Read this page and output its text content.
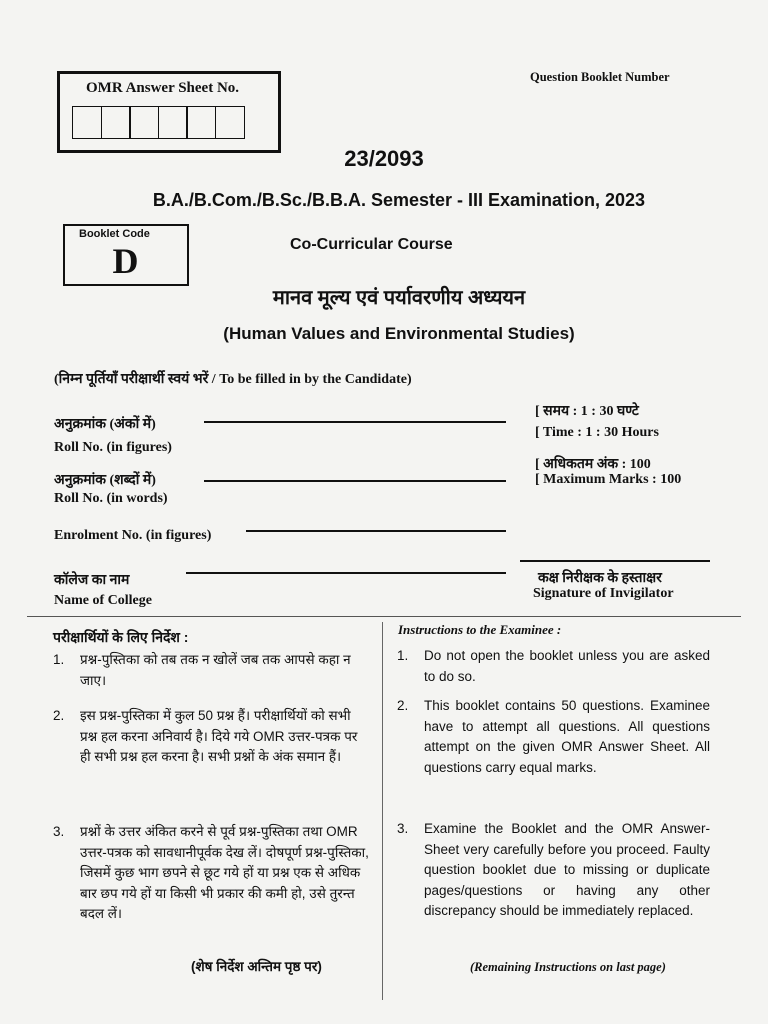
OMR Answer Sheet No.
Question Booklet Number
23/2093
B.A./B.Com./B.Sc./B.B.A. Semester - III Examination, 2023
Booklet Code
D	Co-Curricular Course
मानव मूल्य एवं पर्यावरणीय अध्ययन
(Human Values and Environmental Studies)
(निम्न पूर्तियाँ परीक्षार्थी स्वयं भरें / To be filled in by the Candidate)
अनुक्रमांक (अंकों में)
Roll No. (in figures)
अनुक्रमांक (शब्दों में)
Roll No. (in words)
Enrolment No. (in figures)
कॉलेज का नाम
Name of College
[ समय : 1 : 30 घण्टे
[ Time : 1 : 30 Hours
[ अधिकतम अंक : 100
[ Maximum Marks : 100
कक्ष निरीक्षक के हस्ताक्षर
Signature of Invigilator
परीक्षार्थियों के लिए निर्देश :
1. प्रश्न-पुस्तिका को तब तक न खोलें जब तक आपसे कहा न जाए।
2. इस प्रश्न-पुस्तिका में कुल 50 प्रश्न हैं। परीक्षार्थियों को सभी प्रश्न हल करना अनिवार्य है। दिये गये OMR उत्तर-पत्रक पर ही सभी प्रश्न हल करना है। सभी प्रश्नों के अंक समान हैं।
3. प्रश्नों के उत्तर अंकित करने से पूर्व प्रश्न-पुस्तिका तथा OMR उत्तर-पत्रक को सावधानीपूर्वक देख लें। दोषपूर्ण प्रश्न-पुस्तिका, जिसमें कुछ भाग छपने से छूट गये हों या प्रश्न एक से अधिक बार छप गये हों या किसी भी प्रकार की कमी हो, उसे तुरन्त बदल लें।
(शेष निर्देश अन्तिम पृष्ठ पर)
Instructions to the Examinee :
1. Do not open the booklet unless you are asked to do so.
2. This booklet contains 50 questions. Examinee have to attempt all questions. All questions attempt on the given OMR Answer Sheet. All questions carry equal marks.
3. Examine the Booklet and the OMR Answer-Sheet very carefully before you proceed. Faulty question booklet due to missing or duplicate pages/questions or having any other discrepancy should be immediately replaced.
(Remaining Instructions on last page)
